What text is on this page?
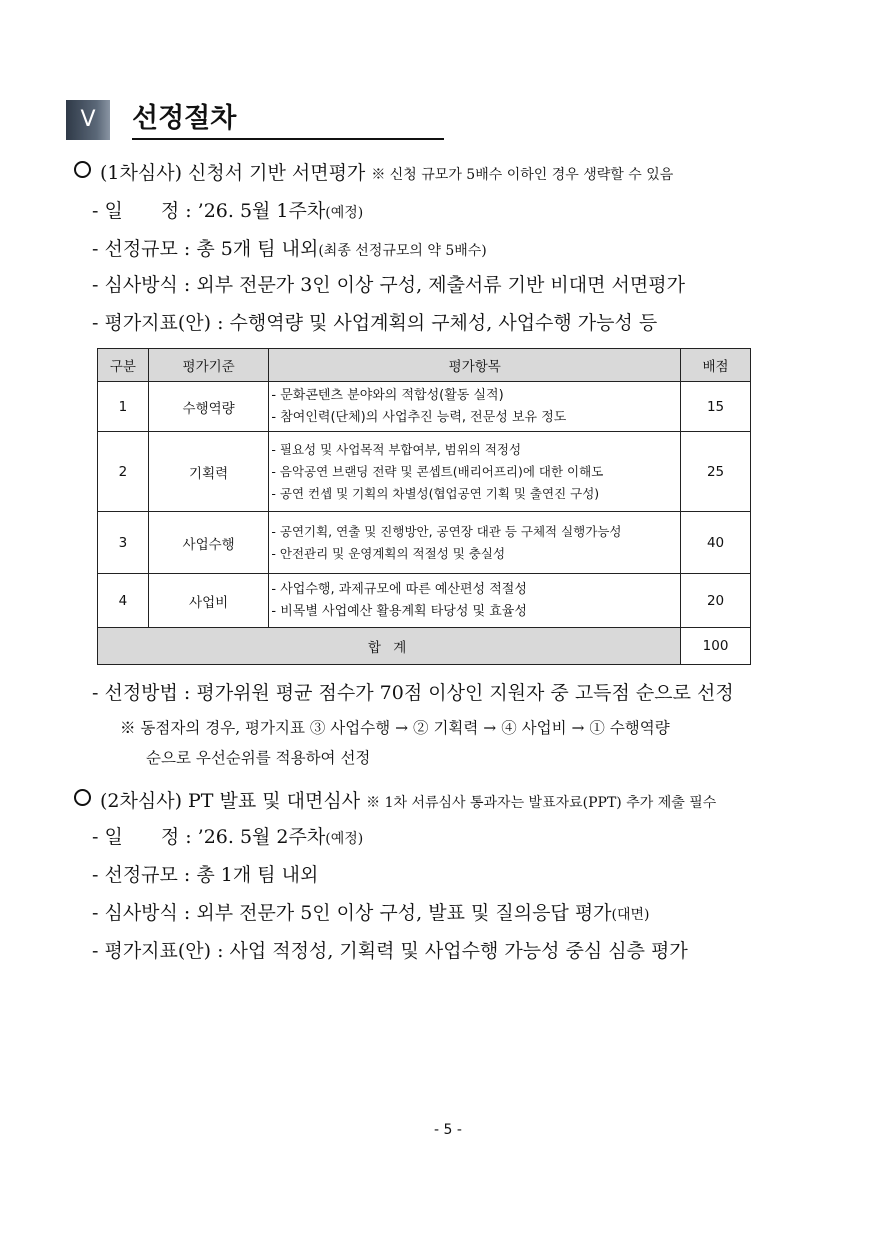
Ⅴ	선정절차
(1차심사) 신청서 기반 서면평가 ※ 신청 규모가 5배수 이하인 경우 생략할 수 있음
- 일　　정 : ’26. 5월 1주차(예정)
- 선정규모 : 총 5개 팀 내외(최종 선정규모의 약 5배수)
- 심사방식 : 외부 전문가 3인 이상 구성, 제출서류 기반 비대면 서면평가
- 평가지표(안) : 수행역량 및 사업계획의 구체성, 사업수행 가능성 등
구분	평가기준	평가항목	배점
1	수행역량	- 문화콘텐츠 분야와의 적합성(활동 실적)
- 참여인력(단체)의 사업추진 능력, 전문성 보유 정도	15
2	기획력	- 필요성 및 사업목적 부합여부, 범위의 적정성
- 음악공연 브랜딩 전략 및 콘셉트(배리어프리)에 대한 이해도
- 공연 컨셉 및 기획의 차별성(협업공연 기획 및 출연진 구성)	25
3	사업수행	- 공연기획, 연출 및 진행방안, 공연장 대관 등 구체적 실행가능성
- 안전관리 및 운영계획의 적절성 및 충실성	40
4	사업비	- 사업수행, 과제규모에 따른 예산편성 적절성
- 비목별 사업예산 활용계획 타당성 및 효율성	20
합 계			100
- 선정방법 : 평가위원 평균 점수가 70점 이상인 지원자 중 고득점 순으로 선정
※ 동점자의 경우, 평가지표 ③ 사업수행 → ② 기획력 → ④ 사업비 → ① 수행역량
순으로 우선순위를 적용하여 선정
(2차심사) PT 발표 및 대면심사 ※ 1차 서류심사 통과자는 발표자료(PPT) 추가 제출 필수
- 일　　정 : ’26. 5월 2주차(예정)
- 선정규모 : 총 1개 팀 내외
- 심사방식 : 외부 전문가 5인 이상 구성, 발표 및 질의응답 평가(대면)
- 평가지표(안) : 사업 적정성, 기획력 및 사업수행 가능성 중심 심층 평가
- 5 -
